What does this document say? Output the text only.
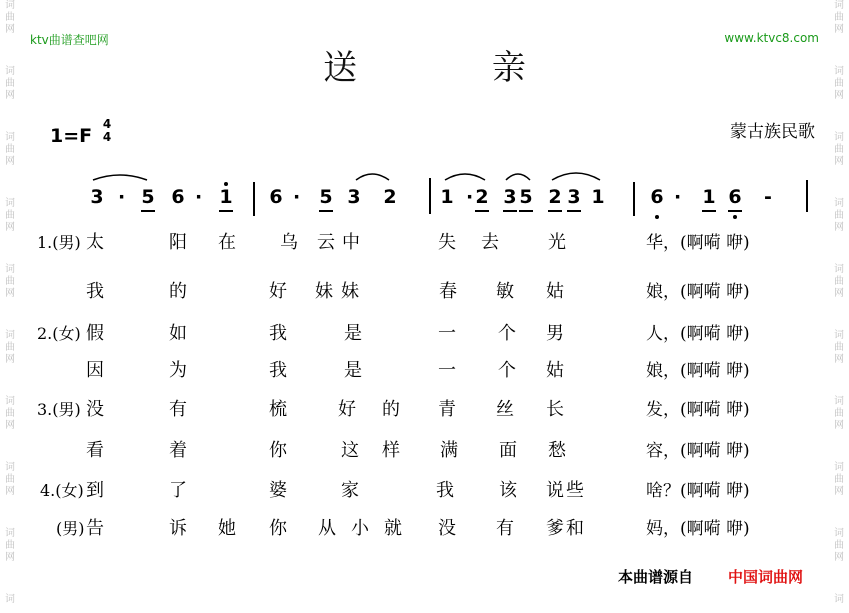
词
曲
网
词
曲
网
词
曲
网
词
曲
网
词
曲
网
词
曲
网
词
曲
网
词
曲
网
词
曲
网
词
词
曲
网
词
曲
网
词
曲
网
词
曲
网
词
曲
网
词
曲
网
词
曲
网
词
曲
网
词
曲
网
词
ktv曲谱查吧网	www.ktvc8.com
送 亲
1=F
4
4	蒙古族民歌
3 · 5 6 · 1 6 · 5 3 2 1 · 2 3 5 2 3 1 6 · 1 6 -
1.(男) 太	阳 在 乌 云 中	失 去	光	华，(啊嗬 咿)
我	的	好 妹 妹	春 敏 姑	娘，(啊嗬 咿)
2.(女) 假	如	我	是	一 个 男	人，(啊嗬 咿)
因	为	我	是	一 个 姑	娘，(啊嗬 咿)
3.(男) 没	有	梳	好 的 青 丝 长	发，(啊嗬 咿)
看	着	你	这 样 满 面 愁	容，(啊嗬 咿)
4.(女) 到	了	婆	家	我	该 说 些	啥？(啊嗬 咿)
(男) 告	诉 她 你 从 小 就 没 有 爹 和	妈，(啊嗬 咿)
本曲谱源自 中国词曲网
